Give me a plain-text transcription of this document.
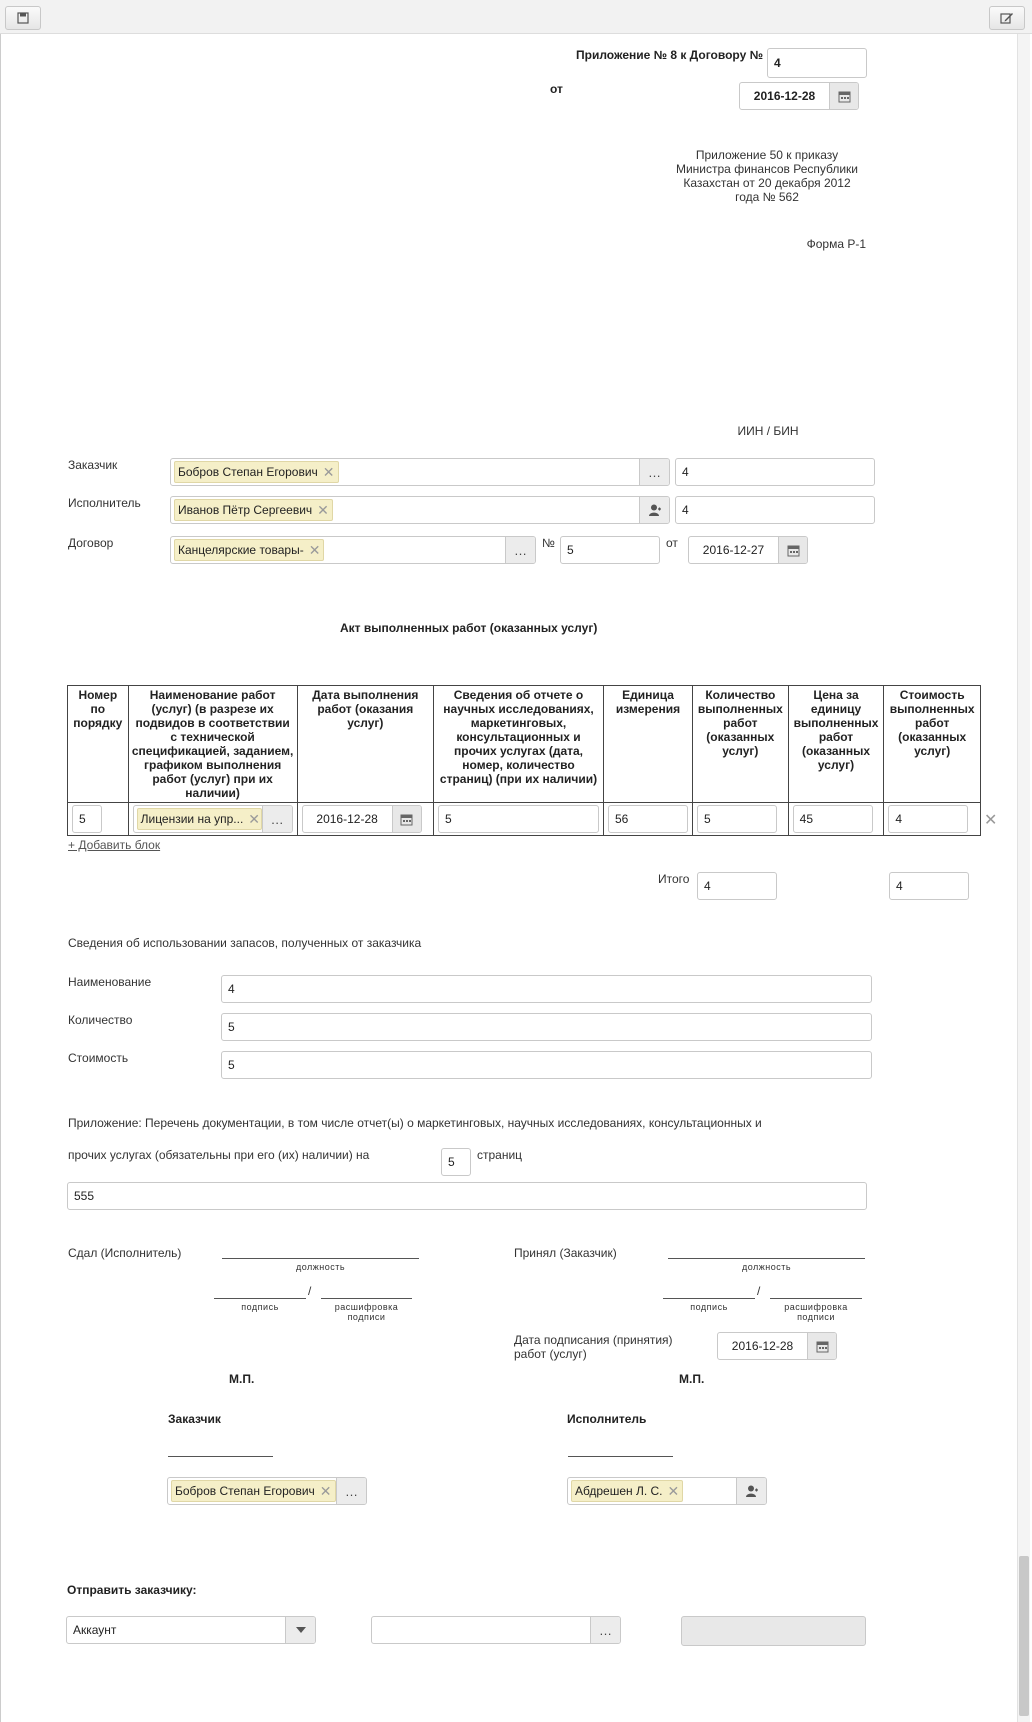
Приложение № 8 к Договору №
4
от	2016-12-28
Приложение 50 к приказу Министра финансов Республики Казахстан от 20 декабря 2012 года № 562
Форма Р-1
ИИН / БИН
Заказчик	Бобров Степан Егорович ✕	…	4
Исполнитель	Иванов Пётр Сергеевич ✕	4
Договор	Канцелярские товары- ✕	…	№	5	от	2016-12-27
Акт выполненных работ (оказанных услуг)
Номер по порядку	Наименование работ (услуг) (в разрезе их подвидов в соответствии с технической спецификацией, заданием, графиком выполнения работ (услуг) при их наличии)	Дата выполнения работ (оказания услуг)	Сведения об отчете о научных исследованиях, маркетинговых, консультационных и прочих услугах (дата, номер, количество страниц) (при их наличии)	Единица измерения	Количество выполненных работ (оказанных услуг)	Цена за единицу выполненных работ (оказанных услуг)	Стоимость выполненных работ (оказанных услуг)

5	Лицензии на упр... ✕ …	2016-12-28	5	56	5	45	4	✕
+ Добавить блок
Итого	4	4
Сведения об использовании запасов, полученных от заказчика
Наименование	4
Количество	5
Стоимость	5
Приложение: Перечень документации, в том числе отчет(ы) о маркетинговых, научных исследованиях, консультационных и
прочих услугах (обязательны при его (их) наличии) на	5	страниц
555
Сдал (Исполнитель)
должность
/
подпись	расшифровка подписи
М.П.
Принял (Заказчик)
должность
/
подпись	расшифровка подписи
Дата подписания (принятия) работ (услуг)
2016-12-28
М.П.
Заказчик
Бобров Степан Егорович ✕	…
Исполнитель
Абдрешен Л. С. ✕
Отправить заказчику:
Аккаунт	…
